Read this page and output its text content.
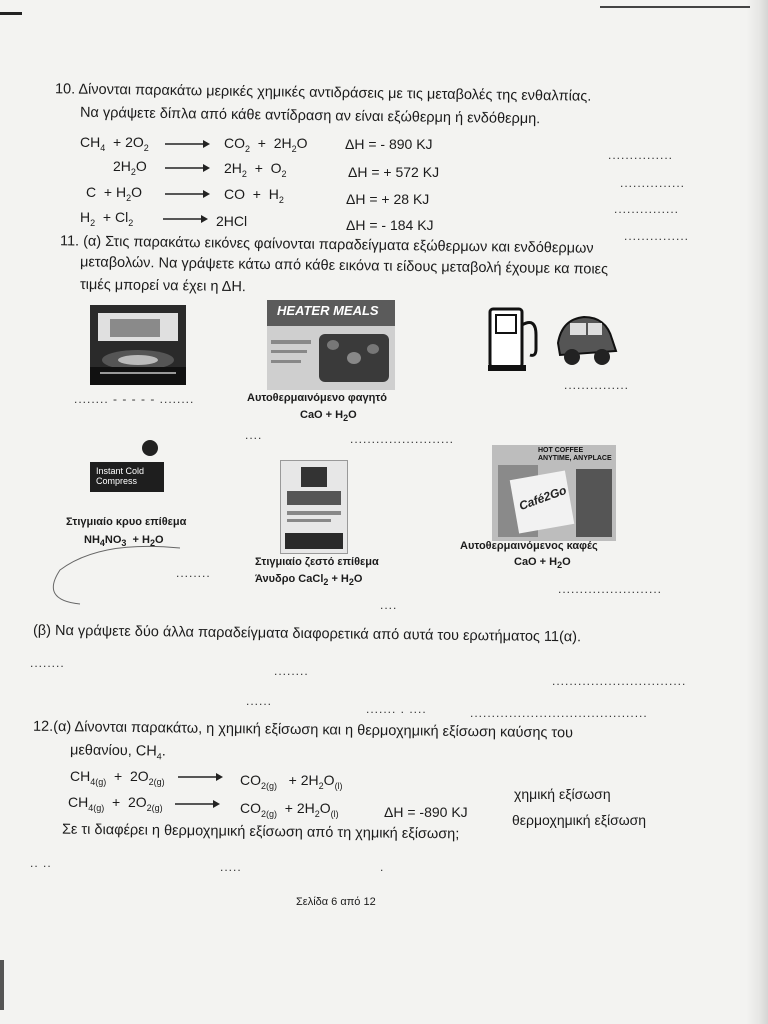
10. Δίνονται παρακάτω μερικές χημικές αντιδράσεις με τις μεταβολές της ενθαλπίας.
Να γράψετε δίπλα από κάθε αντίδραση αν είναι εξώθερμη ή ενδόθερμη.
$CH_4 + 2O_2$	$CO_2 + 2H_2O$	ΔH = - 890 KJ
...............
$2H_2O$	$2H_2 + O_2$	ΔH = + 572 KJ
...............
$C + H_2O$	CO  +  $H_2$	ΔH = + 28 KJ
...............
$H_2 + Cl_2$	2HCl	ΔH = - 184 KJ
...............
11. (α) Στις παρακάτω εικόνες φαίνονται παραδείγματα εξώθερμων και ενδόθερμων
μεταβολών. Να γράψετε κάτω από κάθε εικόνα τι είδους μεταβολή έχουμε κα ποιες
τιμές μπορεί να έχει η ΔH.
........ - - - - - ........
HEATER MEALS
Αυτοθερμαινόμενο φαγητό
CaO + $H_2O$
....	........................
...............
Instant Cold Compress
Στιγμιαίο κρυο επίθεμα
$NH_4NO_3 + H_2O$
........
Στιγμιαίο ζεστό επίθεμα
Άνυδρο CaCl$_2$ + $H_2O$
....
HOT COFFEE ANYTIME, ANYPLACE
Café2Go
Αυτοθερμαινόμενος καφές
CaO + $H_2O$
........................
(β) Να γράψετε δύο άλλα παραδείγματα διαφορετικά από αυτά του ερωτήματος 11(α).
........
........
...............................
......
....... . ....	.........................................
12.(α) Δίνονται παρακάτω, η χημική εξίσωση και η θερμοχημική εξίσωση καύσης του
μεθανίου, $CH_4$.
$CH_{4(g)} + 2O_{2(g)}$	$CO_{2(g)} + 2H_2O_{(l)}$
χημική εξίσωση
$CH_{4(g)} + 2O_{2(g)}$	$CO_{2(g)} + 2H_2O_{(l)}$	ΔH = -890 KJ	θερμοχημική εξίσωση
Σε τι διαφέρει η θερμοχημική εξίσωση από τη χημική εξίσωση;
.. ..	.....	.
Σελίδα 6 από 12
